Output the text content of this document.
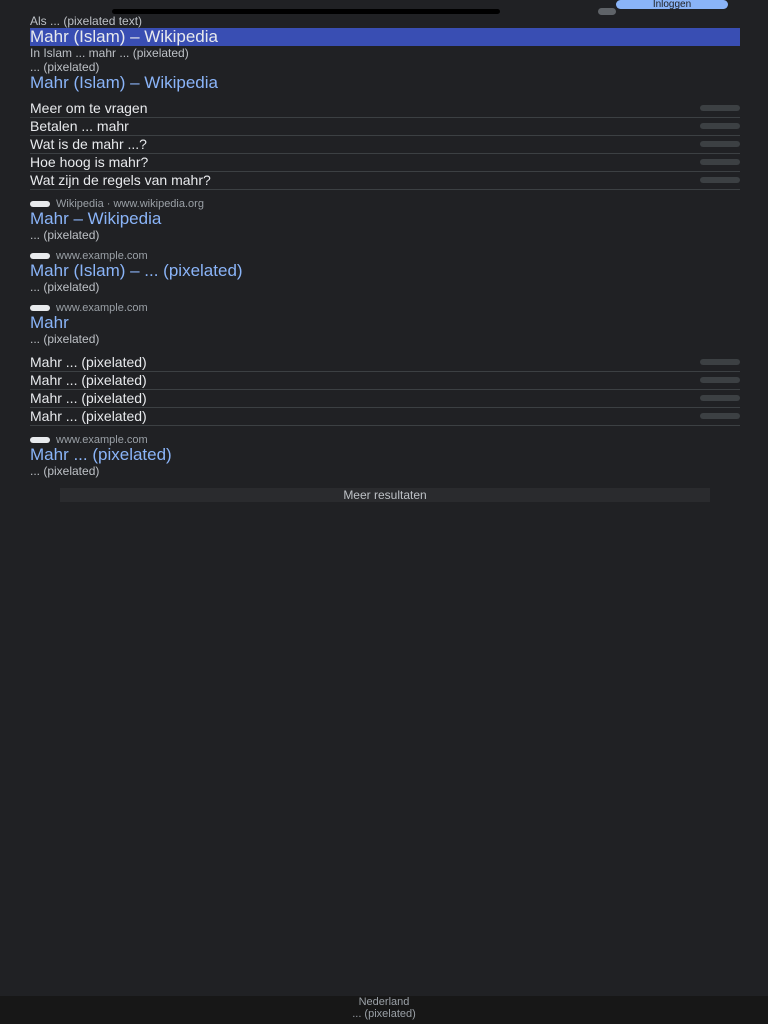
Inloggen
Als ... (pixelated text)
Mahr (Islam) – Wikipedia
In Islam ... mahr ... (pixelated)
... (pixelated)
Mahr (Islam) – Wikipedia
Meer om te vragen
Betalen ... mahr
Wat is de mahr ...?
Hoe hoog is mahr?
Wat zijn de regels van mahr?
Wikipedia · www.wikipedia.org
Mahr – Wikipedia
... (pixelated)
www.example.com
Mahr (Islam) – ... (pixelated)
... (pixelated)
www.example.com
Mahr
... (pixelated)
Mahr ... (pixelated)
Mahr ... (pixelated)
Mahr ... (pixelated)
Mahr ... (pixelated)
www.example.com
Mahr ... (pixelated)
... (pixelated)
Meer resultaten
Nederland
... (pixelated)
